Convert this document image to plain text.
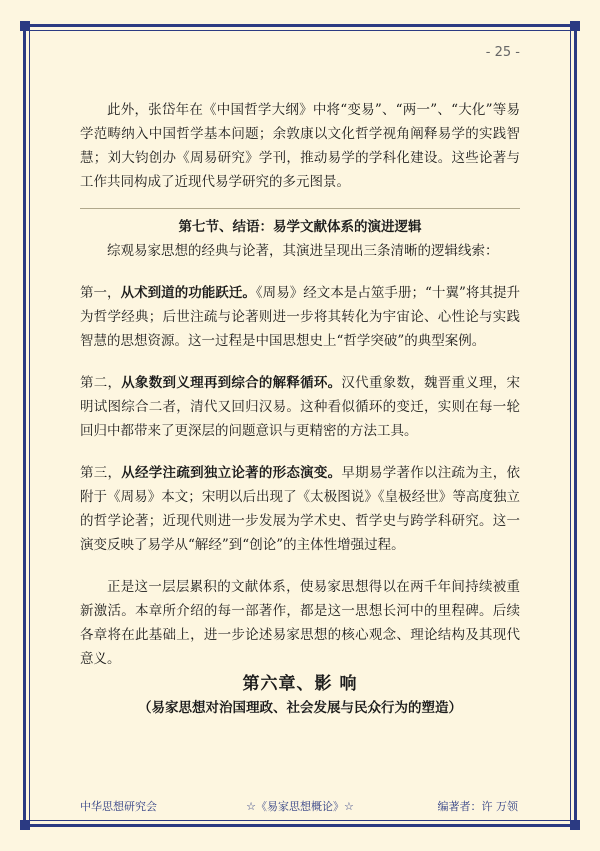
- 25 -

此外，张岱年在《中国哲学大纲》中将“变易”、“两一”、“大化”等易学范畴纳入中国哲学基本问题；余敦康以文化哲学视角阐释易学的实践智慧；刘大钧创办《周易研究》学刊，推动易学的学科化建设。这些论著与工作共同构成了近现代易学研究的多元图景。

第七节、结语：易学文献体系的演进逻辑

综观易家思想的经典与论著，其演进呈现出三条清晰的逻辑线索：

第一，从术到道的功能跃迁。《周易》经文本是占筮手册；“十翼”将其提升为哲学经典；后世注疏与论著则进一步将其转化为宇宙论、心性论与实践智慧的思想资源。这一过程是中国思想史上“哲学突破”的典型案例。

第二，从象数到义理再到综合的解释循环。汉代重象数，魏晋重义理，宋明试图综合二者，清代又回归汉易。这种看似循环的变迁，实则在每一轮回归中都带来了更深层的问题意识与更精密的方法工具。

第三，从经学注疏到独立论著的形态演变。早期易学著作以注疏为主，依附于《周易》本文；宋明以后出现了《太极图说》《皇极经世》等高度独立的哲学论著；近现代则进一步发展为学术史、哲学史与跨学科研究。这一演变反映了易学从“解经”到“创论”的主体性增强过程。

正是这一层层累积的文献体系，使易家思想得以在两千年间持续被重新激活。本章所介绍的每一部著作，都是这一思想长河中的里程碑。后续各章将在此基础上，进一步论述易家思想的核心观念、理论结构及其现代意义。

第六章、影 响

（易家思想对治国理政、社会发展与民众行为的塑造）

中华思想研究会	☆《易家思想概论》☆	编著者：许 万领
